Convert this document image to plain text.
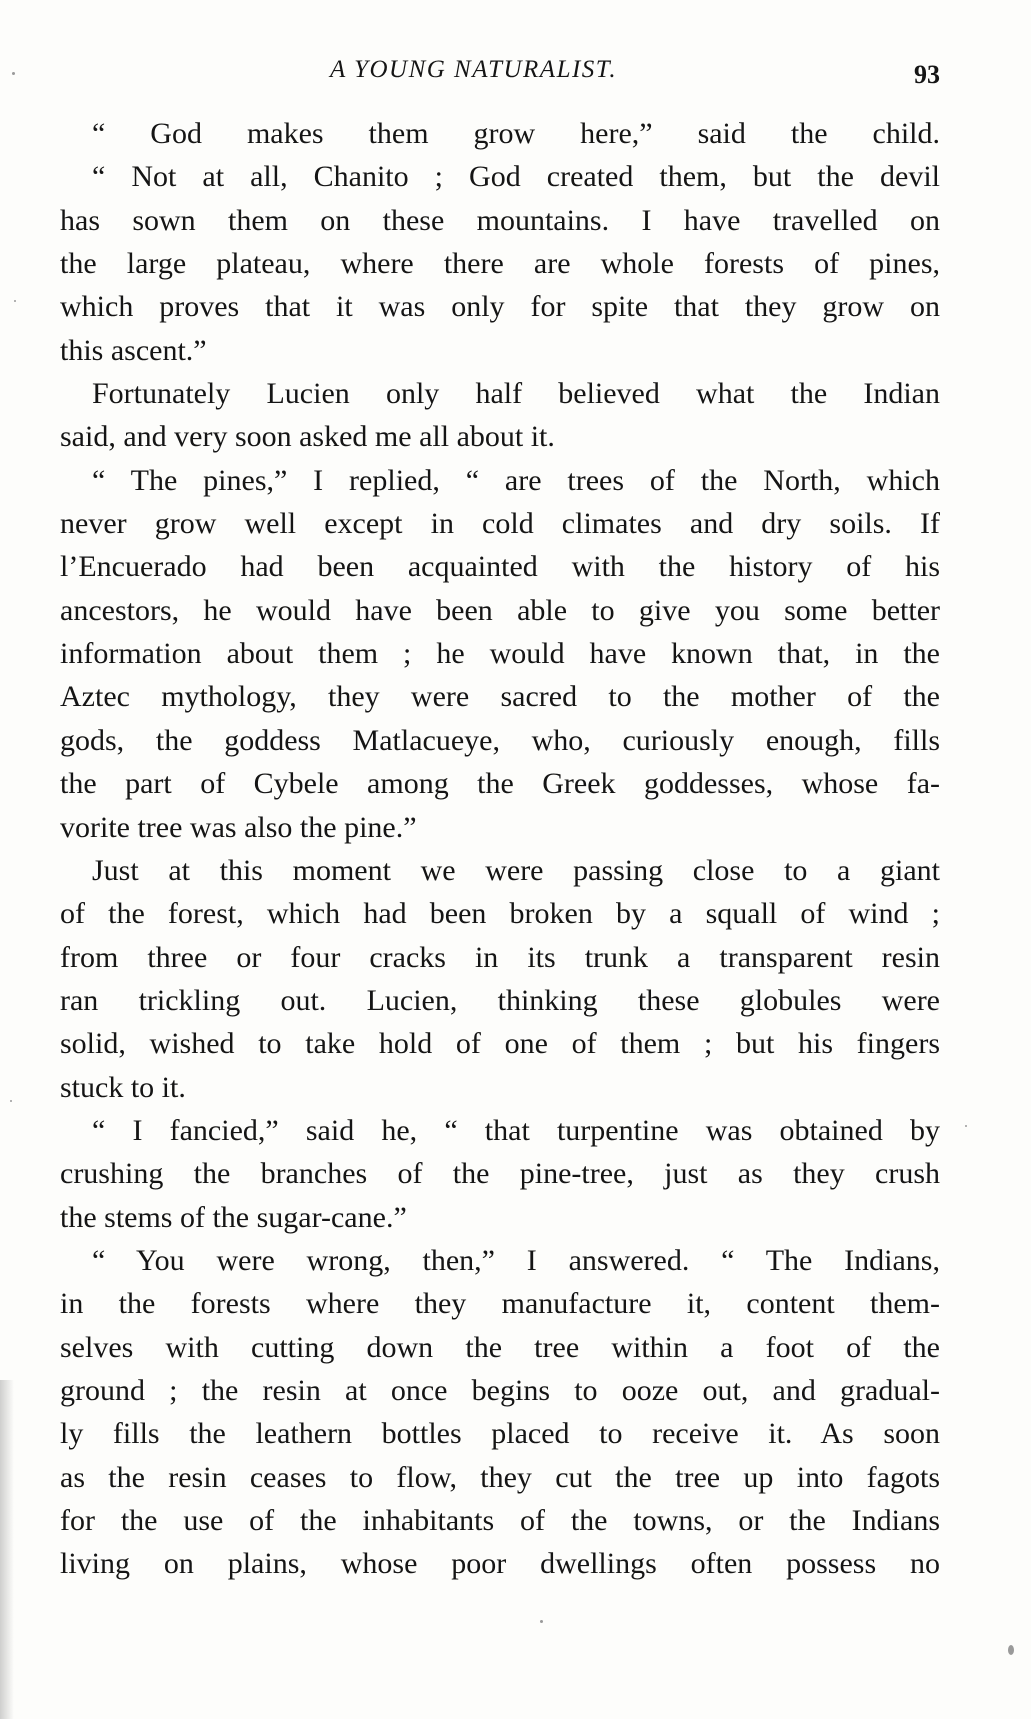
A YOUNG NATURALIST.	93
“ God makes them grow here,” said the child.
“ Not at all, Chanito ; God created them, but the devil
has sown them on these mountains. I have travelled on
the large plateau, where there are whole forests of pines,
which proves that it was only for spite that they grow on
this ascent.”
Fortunately Lucien only half believed what the Indian
said, and very soon asked me all about it.
“ The pines,” I replied, “ are trees of the North, which
never grow well except in cold climates and dry soils. If
l’Encuerado had been acquainted with the history of his
ancestors, he would have been able to give you some better
information about them ; he would have known that, in the
Aztec mythology, they were sacred to the mother of the
gods, the goddess Matlacueye, who, curiously enough, fills
the part of Cybele among the Greek goddesses, whose fa-
vorite tree was also the pine.”
Just at this moment we were passing close to a giant
of the forest, which had been broken by a squall of wind ;
from three or four cracks in its trunk a transparent resin
ran trickling out. Lucien, thinking these globules were
solid, wished to take hold of one of them ; but his fingers
stuck to it.
“ I fancied,” said he, “ that turpentine was obtained by
crushing the branches of the pine-tree, just as they crush
the stems of the sugar-cane.”
“ You were wrong, then,” I answered. “ The Indians,
in the forests where they manufacture it, content them-
selves with cutting down the tree within a foot of the
ground ; the resin at once begins to ooze out, and gradual-
ly fills the leathern bottles placed to receive it. As soon
as the resin ceases to flow, they cut the tree up into fagots
for the use of the inhabitants of the towns, or the Indians
living on plains, whose poor dwellings often possess no
